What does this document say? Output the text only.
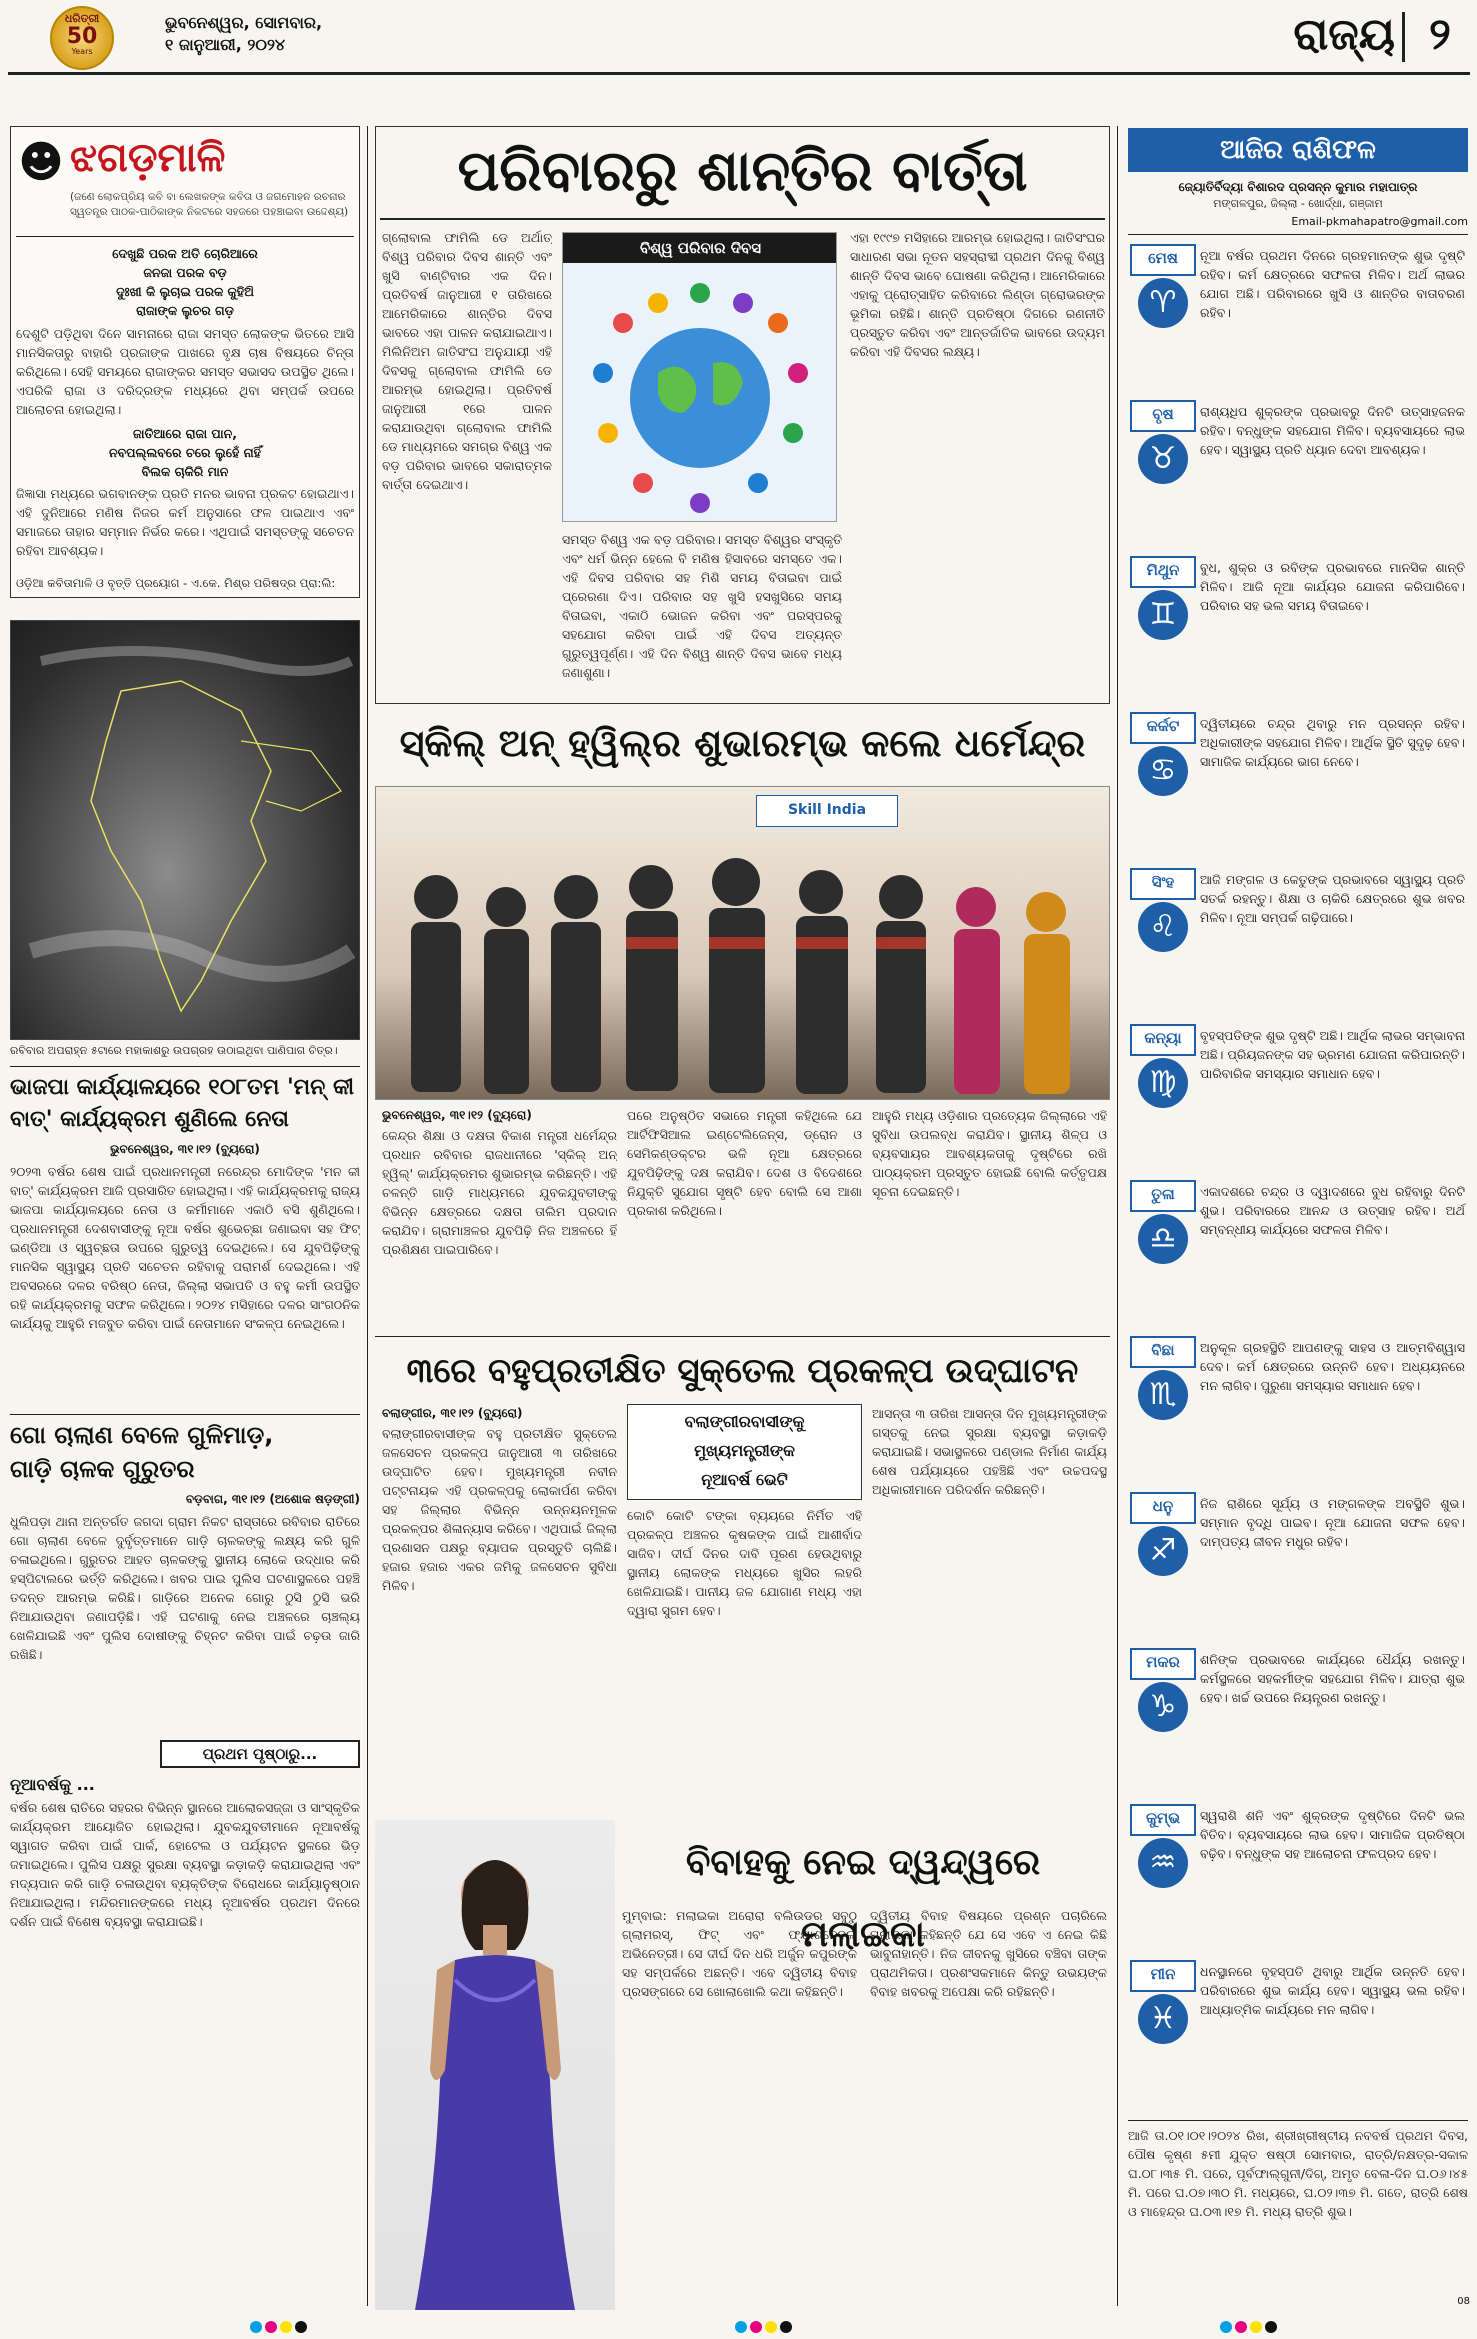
ଧରିତ୍ରୀ
50
Years
ଭୁବନେଶ୍ୱର, ସୋମବାର,
୧ ଜାନୁଆରୀ, ୨୦୨୪	ରାଜ୍ୟ ୨
☻ ଝଗଡ଼ମାଳି
(ଜଣେ ଲୋକପ୍ରିୟ କବି ବା ଲେଖକଙ୍କ କବିତା ଓ ଜଗମୋହନ ରଚନାର ସ୍ୱତନ୍ତ୍ର ପାଠକ-ପାଠିକାଙ୍କ ନିକଟରେ ସହଜରେ ପହଞ୍ଚାଇବା ଉଦ୍ଦେଶ୍ୟ)
ଦେଖୁଛି ପରକ ଅତି ଚୋରିଆରେ
ଜନଜା ପରକ ବଡ଼
ଦୁଃଖୀ କି ଲୁଚାଇ ପରକ କୁହିଅି
ରାଜାଙ୍କ ଲୁଚର ଗଡ଼
ଦେଶୁଟି ପଡ଼ିଥିବା ଦିନେ ସାମନାରେ ରାଜା ସମସ୍ତ ଲୋକଙ୍କ ଭିତରେ ଆସି ମାନସିକତାରୁ ବାହାରି ପ୍ରଜାଙ୍କ ପାଖରେ ବୃକ୍ଷ ଚାଷ ବିଷୟରେ ଚିନ୍ତା କରିଥିଲେ। ସେହି ସମୟରେ ରାଜାଙ୍କର ସମସ୍ତ ସଭାସଦ ଉପସ୍ଥିତ ଥିଲେ। ଏପରିକି ରାଜା ଓ ଦରିଦ୍ରଙ୍କ ମଧ୍ୟରେ ଥିବା ସମ୍ପର୍କ ଉପରେ ଆଲୋଚନା ହୋଇଥିଲା।
ଜାତିଆରେ ରାଜା ପାନ,
ନବପଲ୍ଲବରେ ଚରେ ଲୁହେଁ ନାହିଁ
ବିଲକ ଚାକିରି ମାନ
ଜିଜ୍ଞାସା ମଧ୍ୟରେ ଭଗବାନଙ୍କ ପ୍ରତି ମନର ଭାବନା ପ୍ରକଟ ହୋଇଥାଏ। ଏହି ଦୁନିଆରେ ମଣିଷ ନିଜର କର୍ମ ଅନୁସାରେ ଫଳ ପାଇଥାଏ ଏବଂ ସମାଜରେ ତାହାର ସମ୍ମାନ ନିର୍ଭର କରେ। ଏଥିପାଇଁ ସମସ୍ତଙ୍କୁ ସଚେତନ ରହିବା ଆବଶ୍ୟକ।
ଓଡ଼ିଆ କବିତାମାଳି ଓ ବୃତ୍ତି ପ୍ରୟୋଗ - ଏ.କେ. ମିଶ୍ର ପରିଷଦ୍‌ର ପ୍ରା:ଲି:
ରବିବାର ଅପରାହ୍ନ ୫ଟାରେ ମହାକାଶରୁ ଉପଗ୍ରହ ଉଠାଇଥିବା ପାଣିପାଗ ଚିତ୍ର।
ଭାଜପା କାର୍ଯ୍ୟାଳୟରେ ୧୦୮ତମ 'ମନ୍ କୀ ବାତ୍' କାର୍ଯ୍ୟକ୍ରମ ଶୁଣିଲେ ନେତା
ଭୁବନେଶ୍ୱର, ୩୧।୧୨ (ବ୍ୟୁରୋ)
୨୦୨୩ ବର୍ଷର ଶେଷ ପାଇଁ ପ୍ରଧାନମନ୍ତ୍ରୀ ନରେନ୍ଦ୍ର ମୋଦିଙ୍କ 'ମନ କୀ ବାତ୍' କାର୍ଯ୍ୟକ୍ରମ ଆଜି ପ୍ରସାରିତ ହୋଇଥିଲା। ଏହି କାର୍ଯ୍ୟକ୍ରମକୁ ରାଜ୍ୟ ଭାଜପା କାର୍ଯ୍ୟାଳୟରେ ନେତା ଓ କର୍ମୀମାନେ ଏକାଠି ବସି ଶୁଣିଥିଲେ। ପ୍ରଧାନମନ୍ତ୍ରୀ ଦେଶବାସୀଙ୍କୁ ନୂଆ ବର୍ଷର ଶୁଭେଚ୍ଛା ଜଣାଇବା ସହ ଫିଟ୍ ଇଣ୍ଡିଆ ଓ ସ୍ୱଚ୍ଛତା ଉପରେ ଗୁରୁତ୍ୱ ଦେଇଥିଲେ। ସେ ଯୁବପିଢ଼ିଙ୍କୁ ମାନସିକ ସ୍ୱାସ୍ଥ୍ୟ ପ୍ରତି ସଚେତନ ରହିବାକୁ ପରାମର୍ଶ ଦେଇଥିଲେ। ଏହି ଅବସରରେ ଦଳର ବରିଷ୍ଠ ନେତା, ଜିଲ୍ଲା ସଭାପତି ଓ ବହୁ କର୍ମୀ ଉପସ୍ଥିତ ରହି କାର୍ଯ୍ୟକ୍ରମକୁ ସଫଳ କରିଥିଲେ। ୨୦୨୪ ମସିହାରେ ଦଳର ସାଂଗଠନିକ କାର୍ଯ୍ୟକୁ ଆହୁରି ମଜବୁତ କରିବା ପାଇଁ ନେତାମାନେ ସଂକଳ୍ପ ନେଇଥିଲେ।
ଗୋ ଚାଲାଣ ବେଳେ ଗୁଳିମାଡ଼,
ଗାଡ଼ି ଚାଳକ ଗୁରୁତର
ବଡ଼ବାଗ, ୩୧।୧୨ (ଅଶୋକ ଷଡ଼ଙ୍ଗୀ)
ଧୁଲିପଡ଼ା ଥାନା ଅନ୍ତର୍ଗତ ଜଗଦା ଗ୍ରାମ ନିକଟ ରାସ୍ତାରେ ରବିବାର ରାତିରେ ଗୋ ଚାଲାଣ ବେଳେ ଦୁର୍ବୃତ୍ତମାନେ ଗାଡ଼ି ଚାଳକଙ୍କୁ ଲକ୍ଷ୍ୟ କରି ଗୁଳି ଚଳାଇଥିଲେ। ଗୁରୁତର ଆହତ ଚାଳକଙ୍କୁ ସ୍ଥାନୀୟ ଲୋକେ ଉଦ୍ଧାର କରି ହସ୍ପିଟାଲରେ ଭର୍ତ୍ତି କରିଥିଲେ। ଖବର ପାଇ ପୁଲିସ ଘଟଣାସ୍ଥଳରେ ପହଞ୍ଚି ତଦନ୍ତ ଆରମ୍ଭ କରିଛି। ଗାଡ଼ିରେ ଅନେକ ଗୋରୁ ଠୁସି ଠୁସି ଭରି ନିଆଯାଉଥିବା ଜଣାପଡ଼ିଛି। ଏହି ଘଟଣାକୁ ନେଇ ଅଞ୍ଚଳରେ ଚାଞ୍ଚଲ୍ୟ ଖେଳିଯାଇଛି ଏବଂ ପୁଲିସ ଦୋଷୀଙ୍କୁ ଚିହ୍ନଟ କରିବା ପାଇଁ ଚଢ଼ଉ ଜାରି ରଖିଛି।
ପ୍ରଥମ ପୃଷ୍ଠାରୁ...
ନୂଆବର୍ଷକୁ ...
ବର୍ଷର ଶେଷ ରାତିରେ ସହରର ବିଭିନ୍ନ ସ୍ଥାନରେ ଆଲୋକସଜ୍ଜା ଓ ସାଂସ୍କୃତିକ କାର୍ଯ୍ୟକ୍ରମ ଆୟୋଜିତ ହୋଇଥିଲା। ଯୁବକଯୁବତୀମାନେ ନୂଆବର୍ଷକୁ ସ୍ୱାଗତ କରିବା ପାଇଁ ପାର୍କ, ହୋଟେଲ ଓ ପର୍ଯ୍ୟଟନ ସ୍ଥଳରେ ଭିଡ଼ ଜମାଇଥିଲେ। ପୁଲିସ ପକ୍ଷରୁ ସୁରକ୍ଷା ବ୍ୟବସ୍ଥା କଡ଼ାକଡ଼ି କରାଯାଇଥିଲା ଏବଂ ମଦ୍ୟପାନ କରି ଗାଡ଼ି ଚଳାଉଥିବା ବ୍ୟକ୍ତିଙ୍କ ବିରୋଧରେ କାର୍ଯ୍ୟାନୁଷ୍ଠାନ ନିଆଯାଇଥିଲା। ମନ୍ଦିରମାନଙ୍କରେ ମଧ୍ୟ ନୂଆବର୍ଷର ପ୍ରଥମ ଦିନରେ ଦର୍ଶନ ପାଇଁ ବିଶେଷ ବ୍ୟବସ୍ଥା କରାଯାଇଛି।
ପରିବାରରୁ ଶାନ୍ତିର ବାର୍ତ୍ତା
ଗ୍ଲୋବାଲ ଫାମିଲି ଡେ ଅର୍ଥାତ୍ ବିଶ୍ୱ ପରିବାର ଦିବସ ଶାନ୍ତି ଏବଂ ଖୁସି ବାଣ୍ଟିବାର ଏକ ଦିନ। ପ୍ରତିବର୍ଷ ଜାନୁଆରୀ ୧ ତାରିଖରେ ଆମେରିକାରେ ଶାନ୍ତିର ଦିବସ ଭାବରେ ଏହା ପାଳନ କରାଯାଇଥାଏ। ମିଲିନିଅମ ଜାତିସଂଘ ଅନୁଯାୟୀ ଏହି ଦିବସକୁ ଗ୍ଲୋବାଲ ଫାମିଲି ଡେ ଆରମ୍ଭ ହୋଇଥିଲା। ପ୍ରତିବର୍ଷ ଜାନୁଆରୀ ୧ରେ ପାଳନ କରାଯାଉଥିବା ଗ୍ଲୋବାଲ ଫାମିଲି ଡେ ମାଧ୍ୟମରେ ସମଗ୍ର ବିଶ୍ୱ ଏକ ବଡ଼ ପରିବାର ଭାବରେ ସକାରାତ୍ମକ ବାର୍ତ୍ତା ଦେଇଥାଏ।
ବିଶ୍ୱ ପରିବାର ଦିବସ
ସମସ୍ତ ବିଶ୍ୱ ଏକ ବଡ଼ ପରିବାର। ସମସ୍ତ ବିଶ୍ୱର ସଂସ୍କୃତି ଏବଂ ଧର୍ମ ଭିନ୍ନ ହେଲେ ବି ମଣିଷ ହିସାବରେ ସମସ୍ତେ ଏକ। ଏହି ଦିବସ ପରିବାର ସହ ମିଶି ସମୟ ବିତାଇବା ପାଇଁ ପ୍ରେରଣା ଦିଏ। ପରିବାର ସହ ଖୁସି ହସଖୁସିରେ ସମୟ ବିତାଇବା, ଏକାଠି ଭୋଜନ କରିବା ଏବଂ ପରସ୍ପରକୁ ସହଯୋଗ କରିବା ପାଇଁ ଏହି ଦିବସ ଅତ୍ୟନ୍ତ ଗୁରୁତ୍ୱପୂର୍ଣ୍ଣ। ଏହି ଦିନ ବିଶ୍ୱ ଶାନ୍ତି ଦିବସ ଭାବେ ମଧ୍ୟ ଜଣାଶୁଣା।
ଏହା ୧୯୯୭ ମସିହାରେ ଆରମ୍ଭ ହୋଇଥିଲା। ଜାତିସଂଘର ସାଧାରଣ ସଭା ନୂତନ ସହସ୍ରାବ୍ଦୀ ପ୍ରଥମ ଦିନକୁ ବିଶ୍ୱ ଶାନ୍ତି ଦିବସ ଭାବେ ଘୋଷଣା କରିଥିଲା। ଆମେରିକାରେ ଏହାକୁ ପ୍ରୋତ୍ସାହିତ କରିବାରେ ଲିଣ୍ଡା ଗ୍ରୋଭରଙ୍କ ଭୂମିକା ରହିଛି। ଶାନ୍ତି ପ୍ରତିଷ୍ଠା ଦିଗରେ ରଣନୀତି ପ୍ରସ୍ତୁତ କରିବା ଏବଂ ଆନ୍ତର୍ଜାତିକ ଭାବରେ ଉଦ୍ୟମ କରିବା ଏହି ଦିବସର ଲକ୍ଷ୍ୟ।
ସ୍କିଲ୍ ଅନ୍ ହ୍ୱିଲ୍‌ର ଶୁଭାରମ୍ଭ କଲେ ଧର୍ମେନ୍ଦ୍ର
Skill India
ଭୁବନେଶ୍ୱର, ୩୧।୧୨ (ବ୍ୟୁରୋ)
କେନ୍ଦ୍ର ଶିକ୍ଷା ଓ ଦକ୍ଷତା ବିକାଶ ମନ୍ତ୍ରୀ ଧର୍ମେନ୍ଦ୍ର ପ୍ରଧାନ ରବିବାର ରାଜଧାନୀରେ 'ସ୍କିଲ୍ ଅନ୍ ହ୍ୱିଲ୍' କାର୍ଯ୍ୟକ୍ରମର ଶୁଭାରମ୍ଭ କରିଛନ୍ତି। ଏହି ଚଳନ୍ତି ଗାଡ଼ି ମାଧ୍ୟମରେ ଯୁବକଯୁବତୀଙ୍କୁ ବିଭିନ୍ନ କ୍ଷେତ୍ରରେ ଦକ୍ଷତା ତାଲିମ ପ୍ରଦାନ କରାଯିବ। ଗ୍ରାମାଞ୍ଚଳର ଯୁବପିଢ଼ି ନିଜ ଅଞ୍ଚଳରେ ହିଁ ପ୍ରଶିକ୍ଷଣ ପାଇପାରିବେ।
ପରେ ଅନୁଷ୍ଠିତ ସଭାରେ ମନ୍ତ୍ରୀ କହିଥିଲେ ଯେ ଆର୍ଟିଫିସିଆଲ ଇଣ୍ଟେଲିଜେନ୍ସ, ଡ୍ରୋନ ଓ ସେମିକଣ୍ଡକ୍ଟର ଭଳି ନୂଆ କ୍ଷେତ୍ରରେ ଯୁବପିଢ଼ିଙ୍କୁ ଦକ୍ଷ କରାଯିବ। ଦେଶ ଓ ବିଦେଶରେ ନିଯୁକ୍ତି ସୁଯୋଗ ସୃଷ୍ଟି ହେବ ବୋଲି ସେ ଆଶା ପ୍ରକାଶ କରିଥିଲେ।
ଆହୁରି ମଧ୍ୟ ଓଡ଼ିଶାର ପ୍ରତ୍ୟେକ ଜିଲ୍ଲାରେ ଏହି ସୁବିଧା ଉପଲବ୍ଧ କରାଯିବ। ସ୍ଥାନୀୟ ଶିଳ୍ପ ଓ ବ୍ୟବସାୟର ଆବଶ୍ୟକତାକୁ ଦୃଷ୍ଟିରେ ରଖି ପାଠ୍ୟକ୍ରମ ପ୍ରସ୍ତୁତ ହୋଇଛି ବୋଲି କର୍ତ୍ତୃପକ୍ଷ ସୂଚନା ଦେଇଛନ୍ତି।
୩ରେ ବହୁପ୍ରତୀକ୍ଷିତ ସୁକ୍ତେଲ ପ୍ରକଳ୍ପ ଉଦ୍‌ଘାଟନ
ବଲାଙ୍ଗୀର, ୩୧।୧୨ (ବ୍ୟୁରୋ)
ବଲାଙ୍ଗୀରବାସୀଙ୍କ ବହୁ ପ୍ରତୀକ୍ଷିତ ସୁକ୍ତେଲ ଜଳସେଚନ ପ୍ରକଳ୍ପ ଜାନୁଆରୀ ୩ ତାରିଖରେ ଉଦ୍‌ଘାଟିତ ହେବ। ମୁଖ୍ୟମନ୍ତ୍ରୀ ନବୀନ ପଟ୍ଟନାୟକ ଏହି ପ୍ରକଳ୍ପକୁ ଲୋକାର୍ପଣ କରିବା ସହ ଜିଲ୍ଲାର ବିଭିନ୍ନ ଉନ୍ନୟନମୂଳକ ପ୍ରକଳ୍ପର ଶିଳାନ୍ୟାସ କରିବେ। ଏଥିପାଇଁ ଜିଲ୍ଲା ପ୍ରଶାସନ ପକ୍ଷରୁ ବ୍ୟାପକ ପ୍ରସ୍ତୁତି ଚାଲିଛି। ହଜାର ହଜାର ଏକର ଜମିକୁ ଜଳସେଚନ ସୁବିଧା ମିଳିବ।
ବଲାଙ୍ଗୀରବାସୀଙ୍କୁ
ମୁଖ୍ୟମନ୍ତ୍ରୀଙ୍କ
ନୂଆବର୍ଷ ଭେଟି
କୋଟି କୋଟି ଟଙ୍କା ବ୍ୟୟରେ ନିର୍ମିତ ଏହି ପ୍ରକଳ୍ପ ଅଞ୍ଚଳର କୃଷକଙ୍କ ପାଇଁ ଆଶୀର୍ବାଦ ସାଜିବ। ଦୀର୍ଘ ଦିନର ଦାବି ପୂରଣ ହେଉଥିବାରୁ ସ୍ଥାନୀୟ ଲୋକଙ୍କ ମଧ୍ୟରେ ଖୁସିର ଲହରି ଖେଳିଯାଇଛି। ପାନୀୟ ଜଳ ଯୋଗାଣ ମଧ୍ୟ ଏହା ଦ୍ୱାରା ସୁଗମ ହେବ।
ଆସନ୍ତା ୩ ତାରିଖ ଆସନ୍ତା ଦିନ ମୁଖ୍ୟମନ୍ତ୍ରୀଙ୍କ ଗସ୍ତକୁ ନେଇ ସୁରକ୍ଷା ବ୍ୟବସ୍ଥା କଡ଼ାକଡ଼ି କରାଯାଇଛି। ସଭାସ୍ଥଳରେ ପଣ୍ଡାଲ ନିର୍ମାଣ କାର୍ଯ୍ୟ ଶେଷ ପର୍ଯ୍ୟାୟରେ ପହଞ୍ଚିଛି ଏବଂ ଉଚ୍ଚପଦସ୍ଥ ଅଧିକାରୀମାନେ ପରିଦର୍ଶନ କରିଛନ୍ତି।
ବିବାହକୁ ନେଇ ଦ୍ୱନ୍ଦ୍ୱରେ ମଲାଇକା
ମୁମ୍ବାଇ: ମଲାଇକା ଅରୋରା ବଲିଉଡର ସବୁଠୁ ଗ୍ଲାମରସ୍, ଫିଟ୍ ଏବଂ ଫ୍ୟାଶନେବଲ ଅଭିନେତ୍ରୀ। ସେ ଦୀର୍ଘ ଦିନ ଧରି ଅର୍ଜୁନ କପୁରଙ୍କ ସହ ସମ୍ପର୍କରେ ଅଛନ୍ତି। ଏବେ ଦ୍ୱିତୀୟ ବିବାହ ପ୍ରସଙ୍ଗରେ ସେ ଖୋଲାଖୋଲି କଥା କହିଛନ୍ତି।
ଦ୍ୱିତୀୟ ବିବାହ ବିଷୟରେ ପ୍ରଶ୍ନ ପଚାରିଲେ ମଲାଇକା କହିଛନ୍ତି ଯେ ସେ ଏବେ ଏ ନେଇ କିଛି ଭାବୁନାହାନ୍ତି। ନିଜ ଜୀବନକୁ ଖୁସିରେ ବଞ୍ଚିବା ତାଙ୍କ ପ୍ରାଥମିକତା। ପ୍ରଶଂସକମାନେ କିନ୍ତୁ ଉଭୟଙ୍କ ବିବାହ ଖବରକୁ ଅପେକ୍ଷା କରି ରହିଛନ୍ତି।
ଆଜିର ରାଶିଫଳ
ଜ୍ୟୋତିର୍ବିଦ୍ୟା ବିଶାରଦ ପ୍ରସନ୍ନ କୁମାର ମହାପାତ୍ର
ମଙ୍ଗଳପୁର, ଜିଲ୍ଲା - ଖୋର୍ଦ୍ଧା, ଗଞ୍ଜାମ
Email-pkmahapatro@gmail.com
ମେଷ
♈
ନୂଆ ବର୍ଷର ପ୍ରଥମ ଦିନରେ ଗ୍ରହମାନଙ୍କ ଶୁଭ ଦୃଷ୍ଟି ରହିବ। କର୍ମ କ୍ଷେତ୍ରରେ ସଫଳତା ମିଳିବ। ଅର୍ଥ ଲାଭର ଯୋଗ ଅଛି। ପରିବାରରେ ଖୁସି ଓ ଶାନ୍ତିର ବାତାବରଣ ରହିବ।
ବୃଷ
♉
ରାଶ୍ୟଧିପ ଶୁକ୍ରଙ୍କ ପ୍ରଭାବରୁ ଦିନଟି ଉତ୍ସାହଜନକ ରହିବ। ବନ୍ଧୁଙ୍କ ସହଯୋଗ ମିଳିବ। ବ୍ୟବସାୟରେ ଲାଭ ହେବ। ସ୍ୱାସ୍ଥ୍ୟ ପ୍ରତି ଧ୍ୟାନ ଦେବା ଆବଶ୍ୟକ।
ମିଥୁନ
♊
ବୁଧ, ଶୁକ୍ର ଓ ରବିଙ୍କ ପ୍ରଭାବରେ ମାନସିକ ଶାନ୍ତି ମିଳିବ। ଆଜି ନୂଆ କାର୍ଯ୍ୟର ଯୋଜନା କରିପାରିବେ। ପରିବାର ସହ ଭଲ ସମୟ ବିତାଇବେ।
କର୍କଟ
♋
ଦ୍ୱିତୀୟରେ ଚନ୍ଦ୍ର ଥିବାରୁ ମନ ପ୍ରସନ୍ନ ରହିବ। ଅଧିକାରୀଙ୍କ ସହଯୋଗ ମିଳିବ। ଆର୍ଥିକ ସ୍ଥିତି ସୁଦୃଢ଼ ହେବ। ସାମାଜିକ କାର୍ଯ୍ୟରେ ଭାଗ ନେବେ।
ସିଂହ
♌
ଆଜି ମଙ୍ଗଳ ଓ କେତୁଙ୍କ ପ୍ରଭାବରେ ସ୍ୱାସ୍ଥ୍ୟ ପ୍ରତି ସତର୍କ ରହନ୍ତୁ। ଶିକ୍ଷା ଓ ଚାକିରି କ୍ଷେତ୍ରରେ ଶୁଭ ଖବର ମିଳିବ। ନୂଆ ସମ୍ପର୍କ ଗଢ଼ିପାରେ।
କନ୍ୟା
♍
ବୃହସ୍ପତିଙ୍କ ଶୁଭ ଦୃଷ୍ଟି ଅଛି। ଆର୍ଥିକ ଲାଭର ସମ୍ଭାବନା ଅଛି। ପ୍ରିୟଜନଙ୍କ ସହ ଭ୍ରମଣ ଯୋଜନା କରିପାରନ୍ତି। ପାରିବାରିକ ସମସ୍ୟାର ସମାଧାନ ହେବ।
ତୁଳା
♎
ଏକାଦଶରେ ଚନ୍ଦ୍ର ଓ ଦ୍ୱାଦଶରେ ବୁଧ ରହିବାରୁ ଦିନଟି ଶୁଭ। ପରିବାରରେ ଆନନ୍ଦ ଓ ଉତ୍ସାହ ରହିବ। ଅର୍ଥ ସମ୍ବନ୍ଧୀୟ କାର୍ଯ୍ୟରେ ସଫଳତା ମିଳିବ।
ବିଛା
♏
ଅନୁକୂଳ ଗ୍ରହସ୍ଥିତି ଆପଣଙ୍କୁ ସାହସ ଓ ଆତ୍ମବିଶ୍ୱାସ ଦେବ। କର୍ମ କ୍ଷେତ୍ରରେ ଉନ୍ନତି ହେବ। ଅଧ୍ୟୟନରେ ମନ ଲାଗିବ। ପୁରୁଣା ସମସ୍ୟାର ସମାଧାନ ହେବ।
ଧନୁ
♐
ନିଜ ରାଶିରେ ସୂର୍ଯ୍ୟ ଓ ମଙ୍ଗଳଙ୍କ ଅବସ୍ଥିତି ଶୁଭ। ସମ୍ମାନ ବୃଦ୍ଧି ପାଇବ। ନୂଆ ଯୋଜନା ସଫଳ ହେବ। ଦାମ୍ପତ୍ୟ ଜୀବନ ମଧୁର ରହିବ।
ମକର
♑
ଶନିଙ୍କ ପ୍ରଭାବରେ କାର୍ଯ୍ୟରେ ଧୈର୍ଯ୍ୟ ରଖନ୍ତୁ। କର୍ମସ୍ଥଳରେ ସହକର୍ମୀଙ୍କ ସହଯୋଗ ମିଳିବ। ଯାତ୍ରା ଶୁଭ ହେବ। ଖର୍ଚ୍ଚ ଉପରେ ନିୟନ୍ତ୍ରଣ ରଖନ୍ତୁ।
କୁମ୍ଭ
♒
ସ୍ୱରାଶି ଶନି ଏବଂ ଶୁକ୍ରଙ୍କ ଦୃଷ୍ଟିରେ ଦିନଟି ଭଲ ବିତିବ। ବ୍ୟବସାୟରେ ଲାଭ ହେବ। ସାମାଜିକ ପ୍ରତିଷ୍ଠା ବଢ଼ିବ। ବନ୍ଧୁଙ୍କ ସହ ଆଲୋଚନା ଫଳପ୍ରଦ ହେବ।
ମୀନ
♓
ଧନସ୍ଥାନରେ ବୃହସ୍ପତି ଥିବାରୁ ଆର୍ଥିକ ଉନ୍ନତି ହେବ। ପରିବାରରେ ଶୁଭ କାର୍ଯ୍ୟ ହେବ। ସ୍ୱାସ୍ଥ୍ୟ ଭଲ ରହିବ। ଆଧ୍ୟାତ୍ମିକ କାର୍ଯ୍ୟରେ ମନ ଲାଗିବ।
ଆଜି ତା.୦୧।୦୧।୨୦୨୪ ରିଖ, ଶ୍ରୀଖ୍ରୀଷ୍ଟୀୟ ନବବର୍ଷ ପ୍ରଥମ ଦିବସ, ପୌଷ କୃଷ୍ଣ ୫ମୀ ଯୁକ୍ତ ଷଷ୍ଠୀ ସୋମବାର, ରାତ୍ରି/ନକ୍ଷତ୍ର-ସକାଳ ଘ.୦୮।୩୫ ମି. ପରେ, ପୂର୍ବଫାଲ୍‌ଗୁନୀ/ଦିଗ୍, ଅମୃତ ବେଳା-ଦିନ ଘ.୦୬।୪୫ ମି. ପରେ ଘ.୦୭।୩୦ ମି. ମଧ୍ୟରେ, ଘ.୦୨।୩୭ ମି. ଗତେ, ରାତ୍ରି ଶେଷ ଓ ମାହେନ୍ଦ୍ର ଘ.୦୩।୧୭ ମି. ମଧ୍ୟ ରାତ୍ରି ଶୁଭ।
08
